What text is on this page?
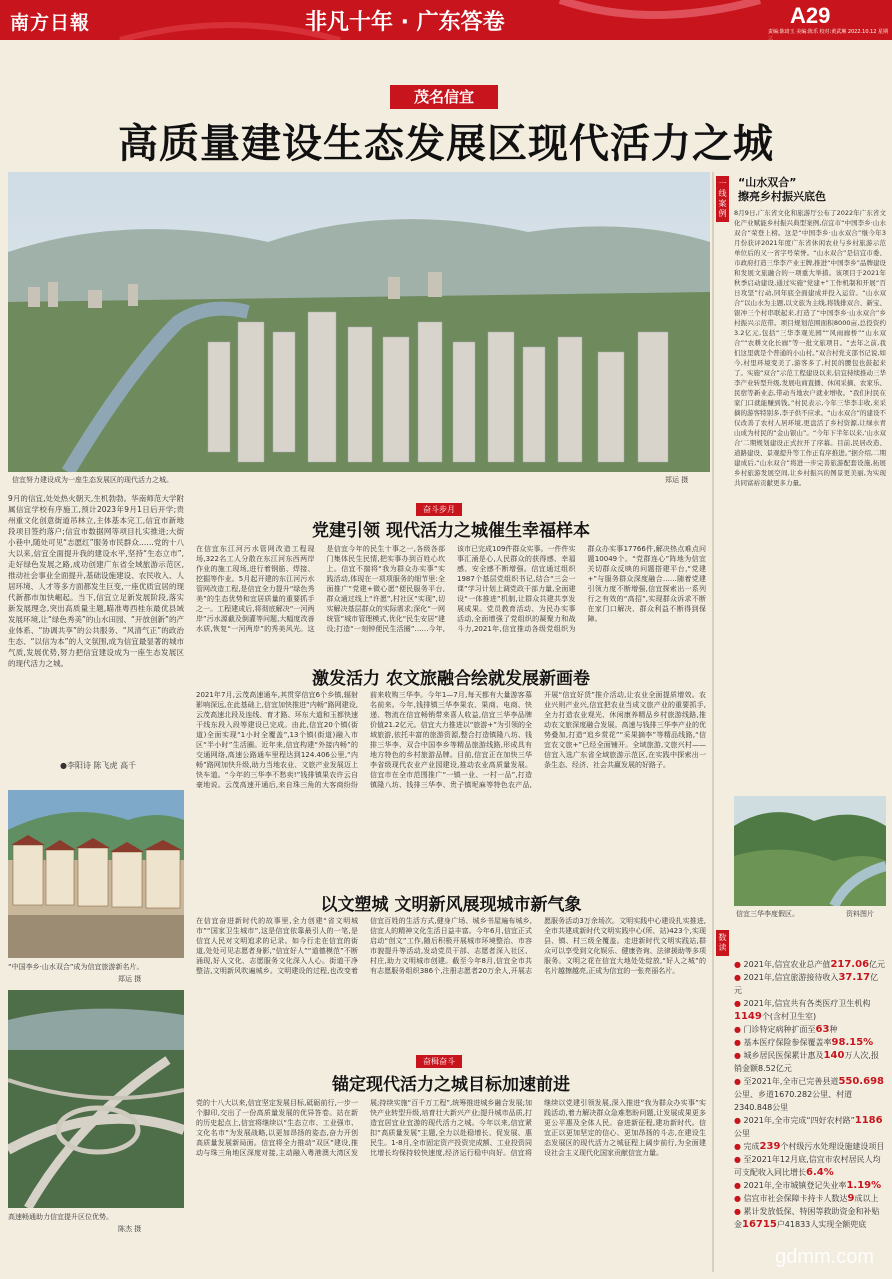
南方日報	非凡十年 · 广东答卷	A29
责编:陈琦玉 美编:陈乐 校对:黄武琳 2022.10.12 星期三
茂名信宜
高质量建设生态发展区现代活力之城
信宜努力建设成为一座生态发展区的现代活力之城。	郑运 摄
9月的信宜,处处热火朝天,生机勃勃。华南师范大学附属信宜学校有序施工,预计2023年9月1日后开学;贵州重文化创意街道吊林立,主体基本完工,信宜市新地段项目签约落户;信宜市数据网等项目扎实推进;大街小巷中,随处可见“志愿红”服务市民群众……党的十八大以来,信宜全面提升我的建设水平,坚持“生态立市”,走好绿色发展之路,成功创建广东省全域旅游示范区,推动社会事业全面提升,基础设施建设、农民收入、人居环境、人才等多方面都发生巨变,一座优质宜居的现代新都市加快崛起。当下,信宜立足新发展阶段,落实新发展理念,突出高质量主题,瞄准粤西桂东最优县域发展环境,让“绿色秀美”的山水田园、“开放创新”的产业体系、“协调共享”的公共服务、“风清气正”的政治生态、“以信为本”的人文氛围,成为信宜最显著的城市气质,发展优势,努力把信宜建设成为一座生态发展区的现代活力之城。
●李阳诗 陈飞虎 高千
“中国李乡·山水双合”成为信宜旅游新名片。
郑运 摄
高速畅通助力信宜提升区位优势。
陈杰 摄
奋斗步月
党建引领 现代活力之城催生幸福样本
在信宜东江河污水管网改造工程现场,322名工人分散在东江河东西两岸作业的施工现场,进行着钢筋、焊接、挖掘等作业。5月起开建的东江河污水管网改造工程,是信宜全力提升“绿色秀美”的生态优势和宜居质量的重要抓手之一。工程建成后,将彻底解决“一河两岸”污水源截及倒灌等问题,大幅度改善水质,恢复“一河两岸”的秀美风光。这是信宜今年的民生十事之一,各级各部门集体民生民情,把实事办到百姓心坎上。信宜不揣将“我为群众办实事”实践活动,体现在一项项服务的细节里:全面推广“党建+微心愿”便民服务平台,群众通过线上“许愿”,村社区“实现”,切实解决基层群众的实际需求;深化“一网统管”城市管理模式,优化“民生安居”建设;打造“一刻钟便民生活圈”……今年,该市已完成109件群众实事。一件件实事汇涌是心,人民群众的获得感、幸福感、安全感不断增强。信宜通过组织1987个基层党组织书记,结合“三会一课”学习计划上调党政干部力量,全面建设“一体推进”机制,让群众共建共享发展成果。党员教育活动、为民办实事活动,全面增强了党组织的凝聚力和战斗力,2021年,信宜推动各级党组织为群众办实事17766件,解决热点难点问题10049个。“党群连心”阵地为信宜关切群众反映的问题搭建平台,“党建+”与服务群众深度融合……随着党建引领力度不断增强,信宜探索出一系列行之有效的“高招”,实现群众诉求不断在家门口解决、群众利益不断得到保障。
激发活力 农文旅融合绘就发展新画卷
2021年7月,云茂高速通车,其贯穿信宜6个乡镇,辐射影响深远,在此基础上,信宜加快推进“内畅”路网建设,云茂高速北段及连线、育才路、环东大道和玉都快速干线东段入段等建设已完成。由此,信宜20个镇(街道)全面实现“1小时全覆盖”,13个镇(街道)融入市区“半小时”生活圈。近年来,信宜构建“外接内畅”的交通网络,高速公路通车里程达到124.406公里,“内畅”路网加快升级,助力当地农业、文旅产业发展迈上快车道。“今年的三华李不愁卖!”钱排镇果农许云自豪地说。云茂高速开通后,来自珠三角的大客商纷纷前来收购三华李。今年1—7月,每天都有大量游客慕名前来。今年,钱排镇三华李果农、果商、电商、快递、物流在信宜畅销带来喜人收益,信宜三华李品牌价值21.2亿元。信宜大力推进以“旅游+”为引领的全域旅游,依托丰富的旅游资源,整合打造镇隆八坊、钱排三华李、双合中国李乡等精品旅游线路,形成具有地方特色的乡村旅游品牌。目前,信宜正在加快三华李省级现代农业产业园建设,推动农业高质量发展。信宜市在全市范围推广“一镇一业、一村一品”,打造镇隆八坊、钱排三华李、贵子镇坭麻等特色农产品,开展“信宜好货”推介活动,让农业全面提质增效。农业兴则产业兴,信宜把农业当成文旅产业的重要抓手,全力打造农业观光、休闲康养精品乡村旅游线路,推动农文旅深度融合发展。高速与钱排三华李产业的优势叠加,打造“追乡赏花”“采果摘李”等精品线路,“信宜农文旅+”已经全面铺开。全域旅游,文旅兴村——信宜入选广东省全域旅游示范区,在实践中探索出一条生态、经济、社会共赢发展的好路子。
以文塑城 文明新风展现城市新气象
在信宜奋进新时代的故事里,全力创建“省文明城市”“国家卫生城市”,这是信宜依靠最引人的一笔,是信宜人民对文明追求的记录。如今行走在信宜的街道,处处可见志愿者身影,“信宜好人”“道德模范”不断涌现,好人文化、志愿服务文化深入人心。街道干净整洁,文明新风吹遍城乡。文明建设的过程,也改变着信宜百姓的生活方式,健身广场、城乡书屋遍布城乡,信宜人的精神文化生活日益丰富。今年6月,信宜正式启动“创文”工作,随后积极开展城市环境整治、市容市貌提升等活动,发动党员干部、志愿者深入社区、村庄,助力文明城市创建。截至今年8月,信宜全市共有志愿服务组织386个,注册志愿者20万余人,开展志愿服务活动3万余场次。文明实践中心建设扎实推进,全市共建成新时代文明实践中心(所、站)423个,实现县、镇、村三级全覆盖。走进新时代文明实践站,群众可以享受到文化娱乐、健康咨询、法律援助等多项服务。文明之花在信宜大地处处绽放,“好人之城”的名片越擦越亮,正成为信宜的一张亮丽名片。
奋楫奋斗
锚定现代活力之城目标加速前进
党的十八大以来,信宜坚定发展目标,砥砺前行,一步一个脚印,交出了一份高质量发展的优异答卷。站在新的历史起点上,信宜将继续以“生态立市、工业强市、文化名市”为发展战略,以更加昂扬的姿态,奋力开创高质量发展新局面。信宜将全力推动“双区”建设,推动与珠三角地区深度对接,主动融入粤港澳大湾区发展;持续实施“百千万工程”,统筹推进城乡融合发展;加快产业转型升级,培育壮大新兴产业;提升城市品质,打造宜居宜业宜游的现代活力之城。今年以来,信宜紧扣“高质量发展”主题,全力以赴稳增长、促发展、惠民生。1-8月,全市固定资产投资完成额、工业投资同比增长均保持较快速度,经济运行稳中向好。信宜将继续以党建引领发展,深入推进“我为群众办实事”实践活动,着力解决群众急难愁盼问题,让发展成果更多更公平惠及全体人民。奋进新征程,建功新时代。信宜正以更加坚定的信心、更加昂扬的斗志,在建设生态发展区的现代活力之城征程上阔步前行,为全面建设社会主义现代化国家贡献信宜力量。
一线案例
“山水双合”
擦亮乡村振兴底色
8月9日,广东省文化和旅游厅公布了2022年广东省文化产业赋能乡村振兴典型案例,信宜市“中国李乡·山水双合”荣登上榜。这是“中国李乡·山水双合”继今年3月份获评2021年度广东省休闲农业与乡村旅游示范单位后的又一省字号荣誉。“山水双合”是信宜市委、市政府打造三华李产业王牌,推进“中国李乡”品牌建设和发展文旅融合的一项重大举措。该项目于2021年秋季启动建设,通过实施“党建+”工作机制和开展“百日攻坚”行动,同年底全面建成并投入运营。“山水双合”以山水为主题,以文旅为主线,将钱排双合、新宝、银冲三个村串联起来,打造了“中国李乡·山水双合”乡村振兴示范带。项目规划范围面积8000亩,总投资约3.2亿元,包括“三华李观光园”“风雨廊桥”“山水双合”“农耕文化长廊”等一批文旅项目。“去年之前,我们这里就是个普通的小山村。”双合村党支部书记说,如今,村里环境变美了,游客多了,村民的腰包也鼓起来了。实施“双合”示范工程建设以来,信宜持续推动三华李产业转型升级,发展电商直播、休闲采摘、农家乐、民宿等新业态,带动当地农户就业增收。“我们村民在家门口就能赚到钱。”村民表示,今年三华李丰收,来采摘的游客特别多,李子供不应求。“山水双合”的建设不仅改善了农村人居环境,更盘活了乡村资源,让绿水青山成为村民的“金山银山”。“今年下半年以来,‘山水双合’二期规划建设正式拉开了序幕。目前,民居改造、道路建设、景观提升等工作正有序推进。”据介绍,二期建成后,“山水双合”将进一步完善旅游配套设施,拓展乡村旅游发展空间,让乡村振兴的图景更美丽,为实现共同富裕贡献更多力量。
信宜三华李度假区。	资料图片
数读
● 2021年,信宜农业总产值217.06亿元
● 2021年,信宜旅游接待收入37.17亿元
● 2021年,信宜共有各类医疗卫生机构1149个(含村卫生室)
● 门诊特定病种扩面至63种
● 基本医疗保险参保覆盖率98.15%
● 城乡居民医保累计惠及140万人次,报销金额8.52亿元
● 至2021年,全市已完善县道550.698公里、乡道1670.282公里、村道2340.848公里
● 2021年,全市完成“四好农村路”1186公里
● 完成239个村级污水处理设施建设项目
● 至2021年12月底,信宜市农村居民人均可支配收入同比增长6.4%
● 2021年,全市城镇登记失业率1.19%
● 信宜市社会保障卡持卡人数达9成以上
● 累计发放低保、特困等救助资金和补贴金16715户41833人实现全额兜底
gdmm.com
